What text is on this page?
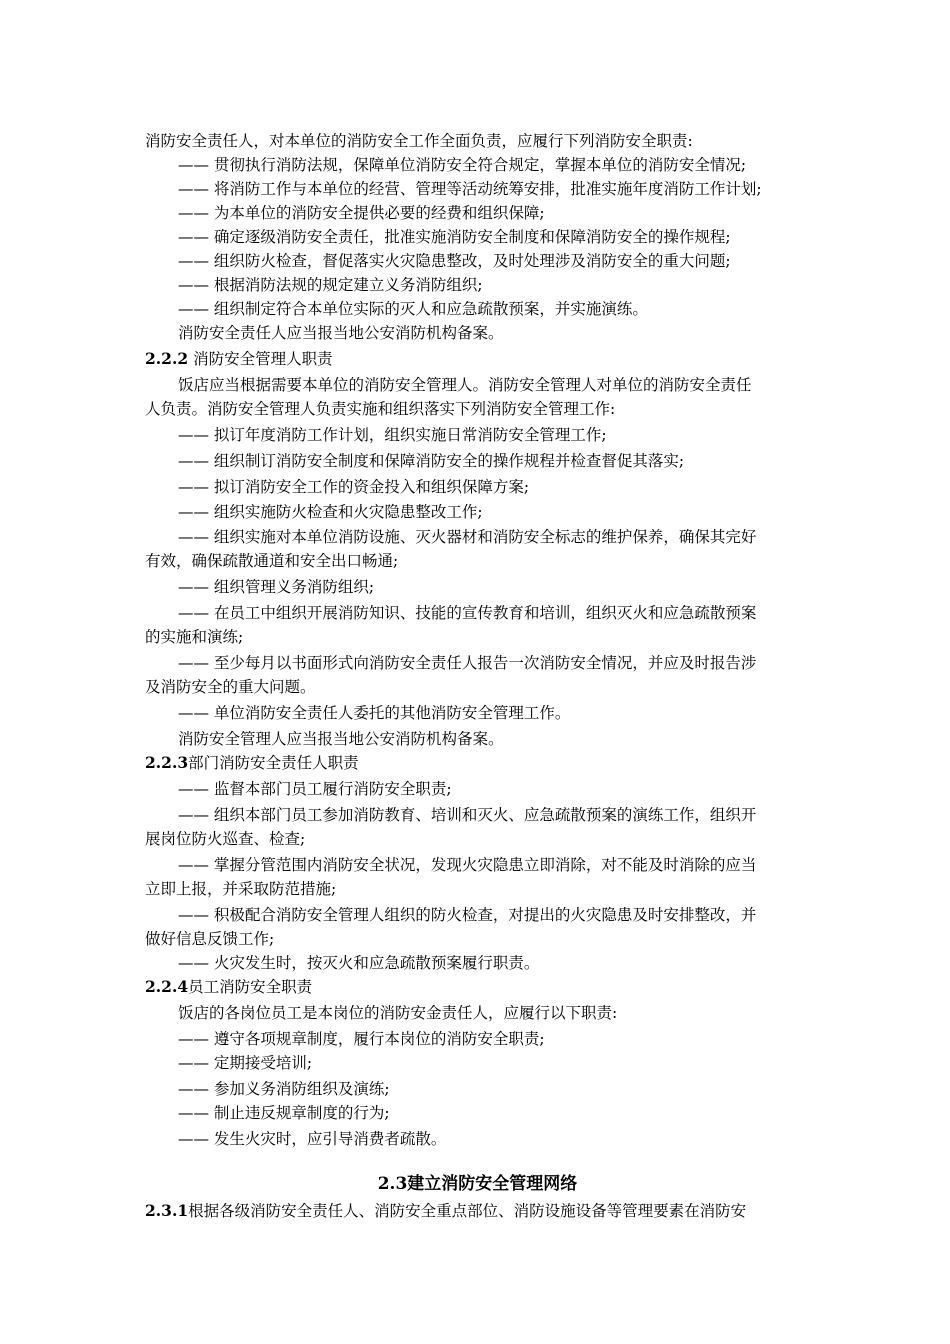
消防安全责任人，对本单位的消防安全工作全面负责，应履行下列消防安全职责:
—— 贯彻执行消防法规，保障单位消防安全符合规定，掌握本单位的消防安全情况;
—— 将消防工作与本单位的经营、管理等活动统筹安排，批准实施年度消防工作计划;
—— 为本单位的消防安全提供必要的经费和组织保障;
—— 确定逐级消防安全责任，批准实施消防安全制度和保障消防安全的操作规程;
—— 组织防火检查，督促落实火灾隐患整改，及时处理涉及消防安全的重大问题;
—— 根据消防法规的规定建立义务消防组织;
—— 组织制定符合本单位实际的灭人和应急疏散预案，并实施演练。
消防安全责任人应当报当地公安消防机构备案。
2.2.2 消防安全管理人职责
饭店应当根据需要本单位的消防安全管理人。消防安全管理人对单位的消防安全责任
人负责。消防安全管理人负责实施和组织落实下列消防安全管理工作:
—— 拟订年度消防工作计划，组织实施日常消防安全管理工作;
—— 组织制订消防安全制度和保障消防安全的操作规程并检查督促其落实;
—— 拟订消防安全工作的资金投入和组织保障方案;
—— 组织实施防火检查和火灾隐患整改工作;
—— 组织实施对本单位消防设施、灭火器材和消防安全标志的维护保养，确保其完好
有效，确保疏散通道和安全出口畅通;
—— 组织管理义务消防组织;
—— 在员工中组织开展消防知识、技能的宣传教育和培训，组织灭火和应急疏散预案
的实施和演练;
—— 至少每月以书面形式向消防安全责任人报告一次消防安全情况，并应及时报告涉
及消防安全的重大问题。
—— 单位消防安全责任人委托的其他消防安全管理工作。
消防安全管理人应当报当地公安消防机构备案。
2.2.3部门消防安全责任人职责
—— 监督本部门员工履行消防安全职责;
—— 组织本部门员工参加消防教育、培训和灭火、应急疏散预案的演练工作，组织开
展岗位防火巡查、检查;
—— 掌握分管范围内消防安全状况，发现火灾隐患立即消除，对不能及时消除的应当
立即上报，并采取防范措施;
—— 积极配合消防安全管理人组织的防火检查，对提出的火灾隐患及时安排整改，并
做好信息反馈工作;
—— 火灾发生时，按灭火和应急疏散预案履行职责。
2.2.4员工消防安全职责
饭店的各岗位员工是本岗位的消防安金责任人，应履行以下职责:
—— 遵守各项规章制度，履行本岗位的消防安全职责;
—— 定期接受培训;
—— 参加义务消防组织及演练;
—— 制止违反规章制度的行为;
—— 发生火灾时，应引导消费者疏散。
2.3建立消防安全管理网络
2.3.1根据各级消防安全责任人、消防安全重点部位、消防设施设备等管理要素在消防安
